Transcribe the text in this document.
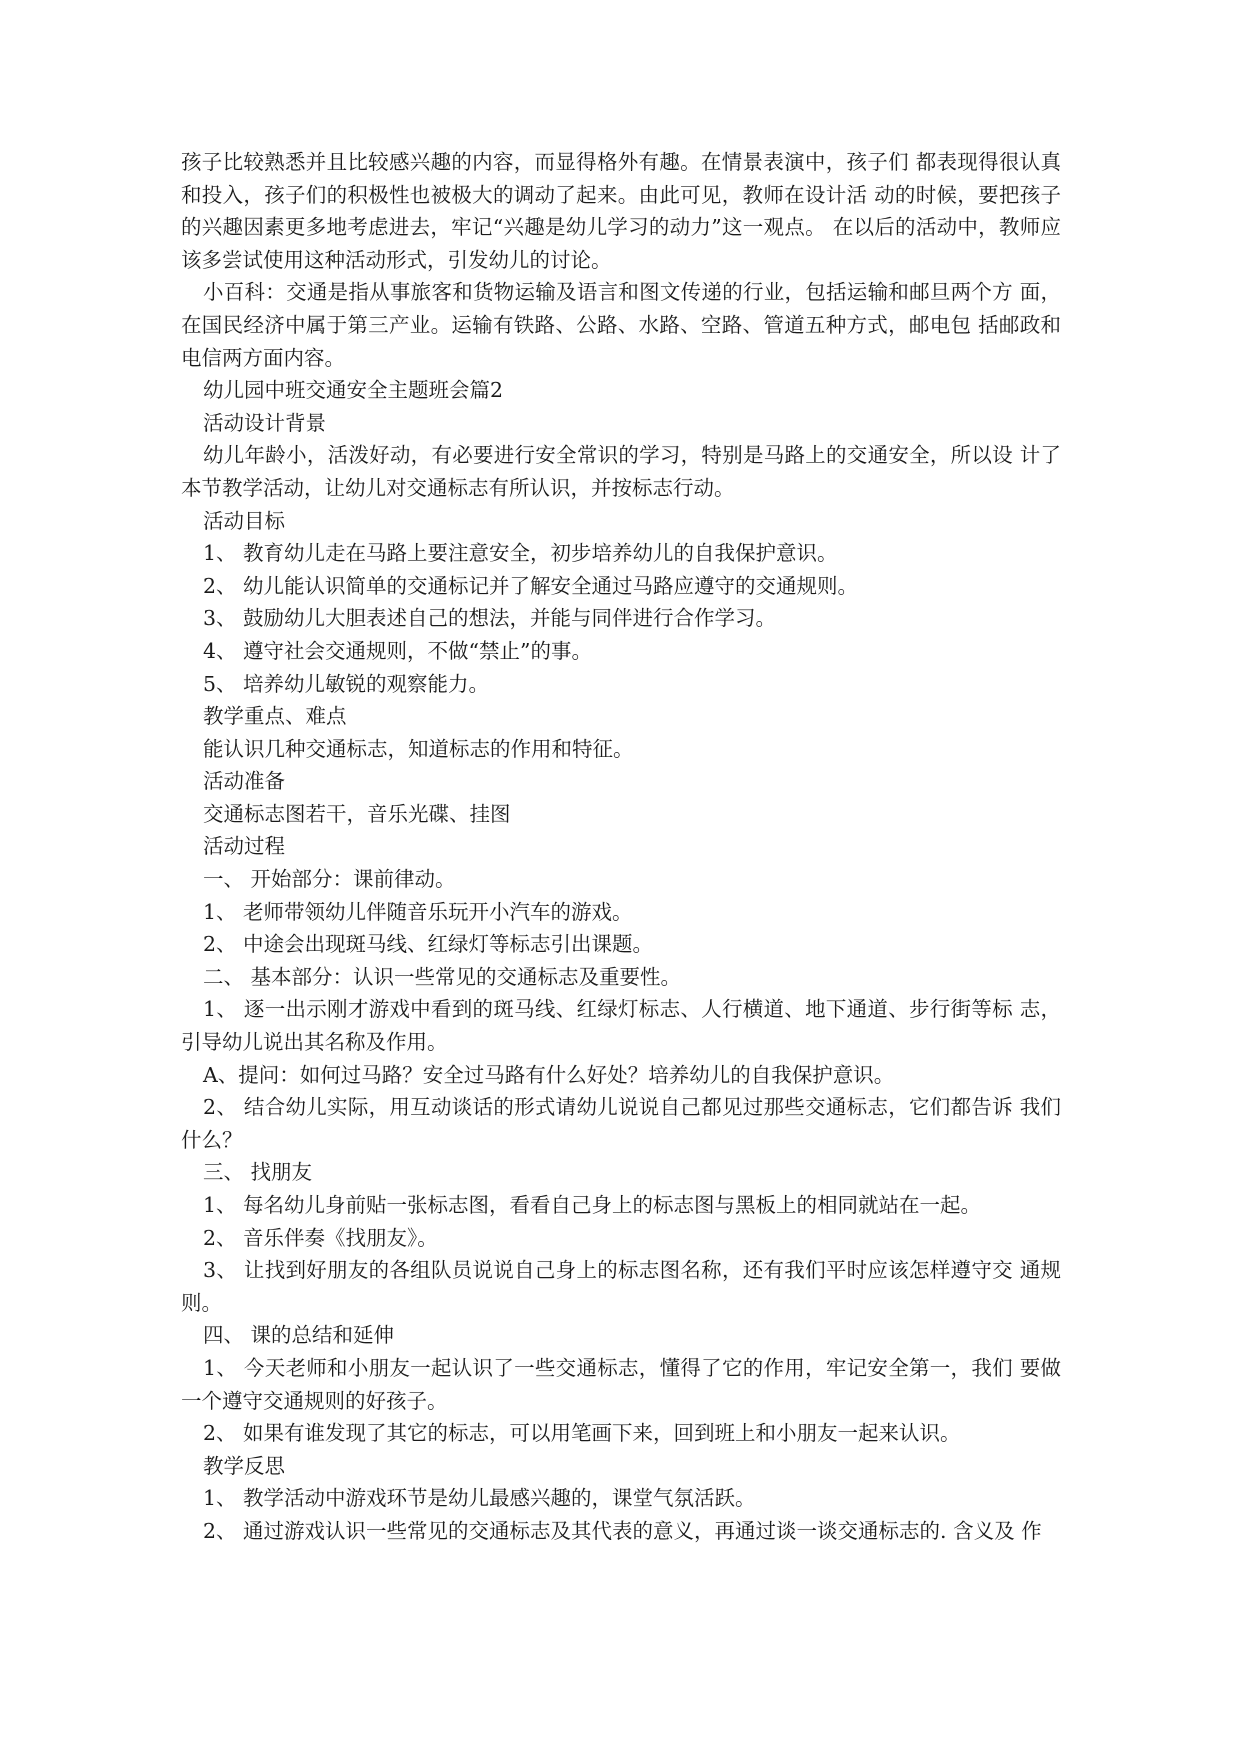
孩子比较熟悉并且比较感兴趣的内容，而显得格外有趣。在情景表演中，孩子们 都表现得很认真和投入，孩子们的积极性也被极大的调动了起来。由此可见，教师在设计活 动的时候，要把孩子的兴趣因素更多地考虑进去，牢记“兴趣是幼儿学习的动力”这一观点。 在以后的活动中，教师应该多尝试使用这种活动形式，引发幼儿的讨论。

小百科：交通是指从事旅客和货物运输及语言和图文传递的行业，包括运输和邮旦两个方 面，在国民经济中属于第三产业。运输有铁路、公路、水路、空路、管道五种方式，邮电包 括邮政和电信两方面内容。

幼儿园中班交通安全主题班会篇2

活动设计背景

幼儿年龄小，活泼好动，有必要进行安全常识的学习，特别是马路上的交通安全，所以设 计了本节教学活动，让幼儿对交通标志有所认识，并按标志行动。

活动目标

1、 教育幼儿走在马路上要注意安全，初步培养幼儿的自我保护意识。

2、 幼儿能认识简单的交通标记并了解安全通过马路应遵守的交通规则。

3、 鼓励幼儿大胆表述自己的想法，并能与同伴进行合作学习。

4、 遵守社会交通规则，不做“禁止”的事。

5、 培养幼儿敏锐的观察能力。

教学重点、难点

能认识几种交通标志，知道标志的作用和特征。

活动准备

交通标志图若干，音乐光碟、挂图

活动过程

一、 开始部分：课前律动。

1、 老师带领幼儿伴随音乐玩开小汽车的游戏。

2、 中途会出现斑马线、红绿灯等标志引出课题。

二、 基本部分：认识一些常见的交通标志及重要性。

1、 逐一出示刚才游戏中看到的斑马线、红绿灯标志、人行横道、地下通道、步行街等标 志，引导幼儿说出其名称及作用。

A、提问：如何过马路？安全过马路有什么好处？培养幼儿的自我保护意识。

2、 结合幼儿实际，用互动谈话的形式请幼儿说说自己都见过那些交通标志，它们都告诉 我们什么？

三、 找朋友

1、 每名幼儿身前贴一张标志图，看看自己身上的标志图与黑板上的相同就站在一起。

2、 音乐伴奏《找朋友》。

3、 让找到好朋友的各组队员说说自己身上的标志图名称，还有我们平时应该怎样遵守交 通规则。

四、 课的总结和延伸

1、 今天老师和小朋友一起认识了一些交通标志，懂得了它的作用，牢记安全第一，我们 要做一个遵守交通规则的好孩子。

2、 如果有谁发现了其它的标志，可以用笔画下来，回到班上和小朋友一起来认识。

教学反思

1、 教学活动中游戏环节是幼儿最感兴趣的，课堂气氛活跃。

2、 通过游戏认识一些常见的交通标志及其代表的意义，再通过谈一谈交通标志的. 含义及 作
